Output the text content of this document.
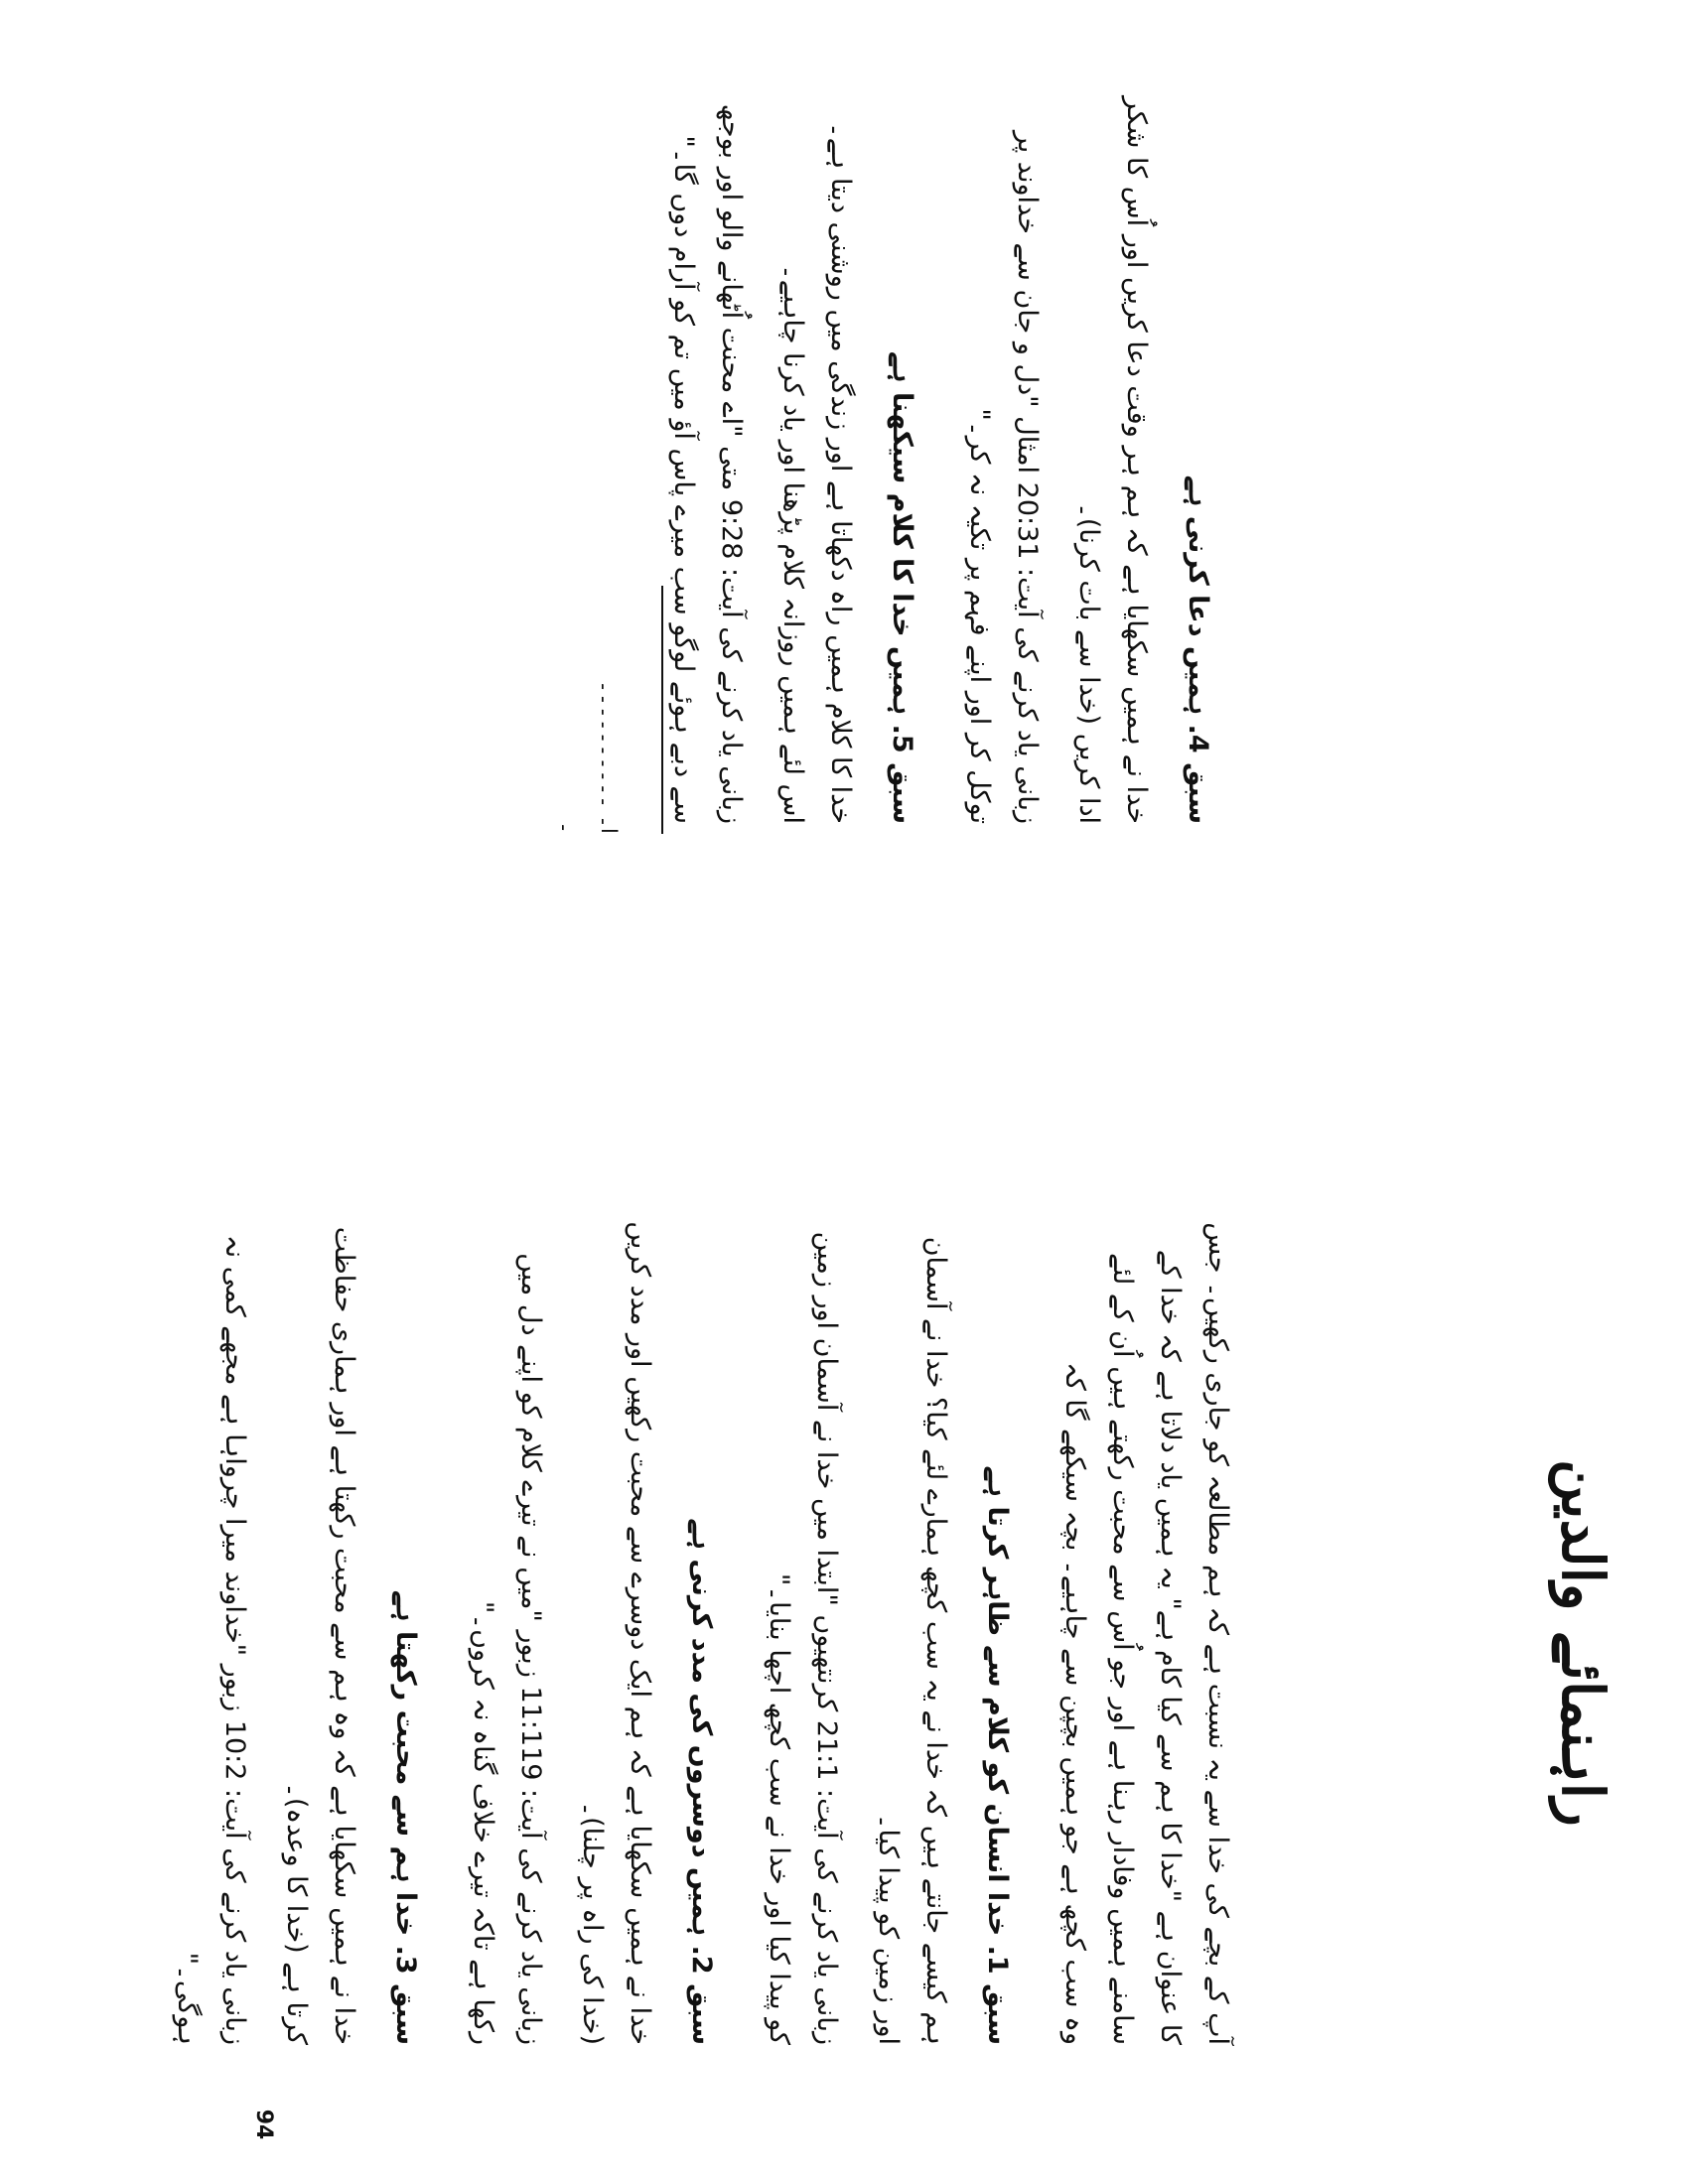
94

سبق 4. ہمیں دعا کرنی ہے

خدا نے ہمیں سکھایا ہے کہ ہم ہر وقت دعا کریں اور اُس کا شکر ادا کریں (خدا سے بات کرنا)۔

زبانی یاد کرنے کی آیت: 20:31 امثال "دل و جان سے خداوند پر توکل کر اور اپنے فہم پر تکیہ نہ کر۔"

سبق 5. ہمیں خدا کا کلام سیکھنا ہے

خدا کا کلام ہمیں راہ دکھاتا ہے اور زندگی میں روشنی دیتا ہے۔ اس لئے ہمیں روزانہ کلام پڑھنا اور یاد کرنا چاہیے۔

زبانی یاد کرنے کی آیت: 9:28 متی "اے محنت اُٹھانے والو اور بوجھ سے دبے ہوئے لوگو سب میرے پاس آؤ میں تم کو آرام دوں گا۔"

ا۔ ۔۔۔۔۔۔۔۔۔۔
۔
راہنمائے والدین

آپ کے بچے کی خدا سے یہ نسبت ہے کہ ہم مطالعہ کو جاری رکھیں۔ جس کا عنوان ہے "خدا کا ہم سے کیا کام ہے" یہ ہمیں یاد دلاتا ہے کہ خدا کے سامنے ہمیں وفادار رہنا ہے اور جو اُس سے محبت رکھتے ہیں اُن کے لئے وہ سب کچھ ہے جو ہمیں بچپن سے چاہیے۔ بچہ سیکھے گا کہ

سبق 1. خدا انسان کو کلام سے ظاہر کرتا ہے

ہم کیسے جانتے ہیں کہ خدا نے یہ سب کچھ ہمارے لئے کیا؟ خدا نے آسمان اور زمین کو پیدا کیا۔

زبانی یاد کرنے کی آیت: 21:1 کرنتھیوں "ابتدا میں خدا نے آسمان اور زمین کو پیدا کیا اور خدا نے سب کچھ اچھا بنایا۔"

سبق 2. ہمیں دوسروں کی مدد کرنی ہے

خدا نے ہمیں سکھایا ہے کہ ہم ایک دوسرے سے محبت رکھیں اور مدد کریں (خدا کی راہ پر چلنا)۔

زبانی یاد کرنے کی آیت: 11:119 زبور "میں نے تیرے کلام کو اپنے دل میں رکھا ہے تاکہ تیرے خلاف گناہ نہ کروں۔"

سبق 3. خدا ہم سے محبت رکھتا ہے

خدا نے ہمیں سکھایا ہے کہ وہ ہم سے محبت رکھتا ہے اور ہماری حفاظت کرتا ہے (خدا کا وعدہ)۔

زبانی یاد کرنے کی آیت: 10:2 زبور "خداوند میرا چرواہا ہے مجھے کمی نہ ہوگی۔"
